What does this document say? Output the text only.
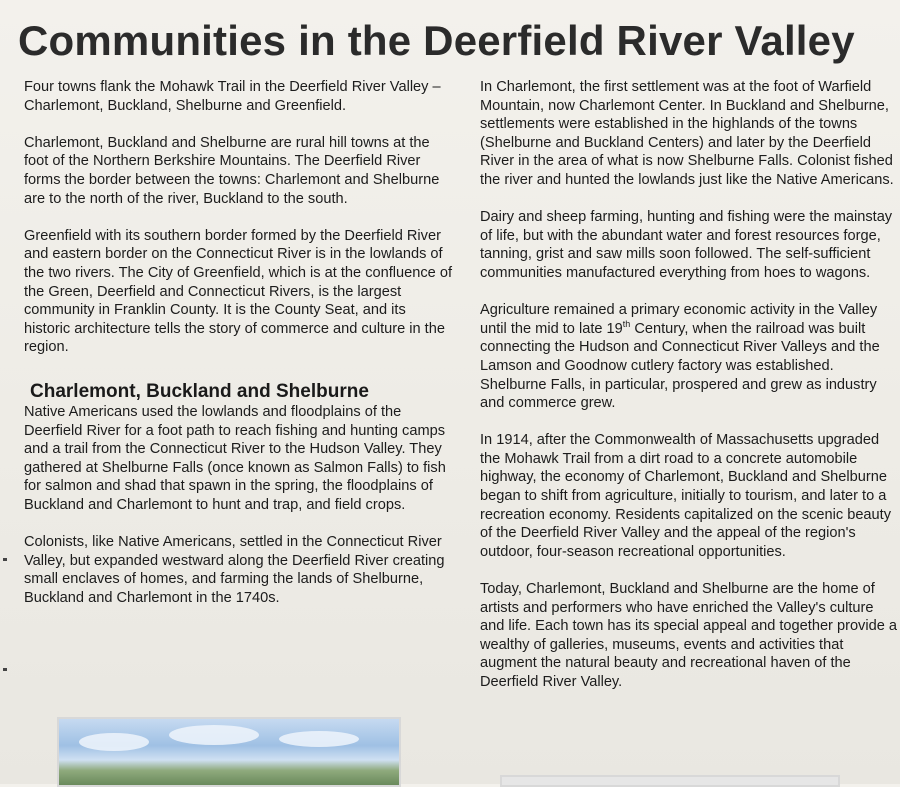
Communities in the Deerfield River Valley

Four towns flank the Mohawk Trail in the Deerfield River Valley – Charlemont, Buckland, Shelburne and Greenfield.

Charlemont, Buckland and Shelburne are rural hill towns at the foot of the Northern Berkshire Mountains. The Deerfield River forms the border between the towns: Charlemont and Shelburne are to the north of the river, Buckland to the south.

Greenfield with its southern border formed by the Deerfield River and eastern border on the Connecticut River is in the lowlands of the two rivers. The City of Greenfield, which is at the confluence of the Green, Deerfield and Connecticut Rivers, is the largest community in Franklin County. It is the County Seat, and its historic architecture tells the story of commerce and culture in the region.

Charlemont, Buckland and Shelburne

Native Americans used the lowlands and floodplains of the Deerfield River for a foot path to reach fishing and hunting camps and a trail from the Connecticut River to the Hudson Valley. They gathered at Shelburne Falls (once known as Salmon Falls) to fish for salmon and shad that spawn in the spring, the floodplains of Buckland and Charlemont to hunt and trap, and field crops.

Colonists, like Native Americans, settled in the Connecticut River Valley, but expanded westward along the Deerfield River creating small enclaves of homes, and farming the lands of Shelburne, Buckland and Charlemont in the 1740s.

In Charlemont, the first settlement was at the foot of Warfield Mountain, now Charlemont Center. In Buckland and Shelburne, settlements were established in the highlands of the towns (Shelburne and Buckland Centers) and later by the Deerfield River in the area of what is now Shelburne Falls. Colonist fished the river and hunted the lowlands just like the Native Americans.

Dairy and sheep farming, hunting and fishing were the mainstay of life, but with the abundant water and forest resources forge, tanning, grist and saw mills soon followed. The self-sufficient communities manufactured everything from hoes to wagons.

Agriculture remained a primary economic activity in the Valley until the mid to late 19th Century, when the railroad was built connecting the Hudson and Connecticut River Valleys and the Lamson and Goodnow cutlery factory was established. Shelburne Falls, in particular, prospered and grew as industry and commerce grew.

In 1914, after the Commonwealth of Massachusetts upgraded the Mohawk Trail from a dirt road to a concrete automobile highway, the economy of Charlemont, Buckland and Shelburne began to shift from agriculture, initially to tourism, and later to a recreation economy. Residents capitalized on the scenic beauty of the Deerfield River Valley and the appeal of the region's outdoor, four-season recreational opportunities.

Today, Charlemont, Buckland and Shelburne are the home of artists and performers who have enriched the Valley's culture and life. Each town has its special appeal and together provide a wealthy of galleries, museums, events and activities that augment the natural beauty and recreational haven of the Deerfield River Valley.
